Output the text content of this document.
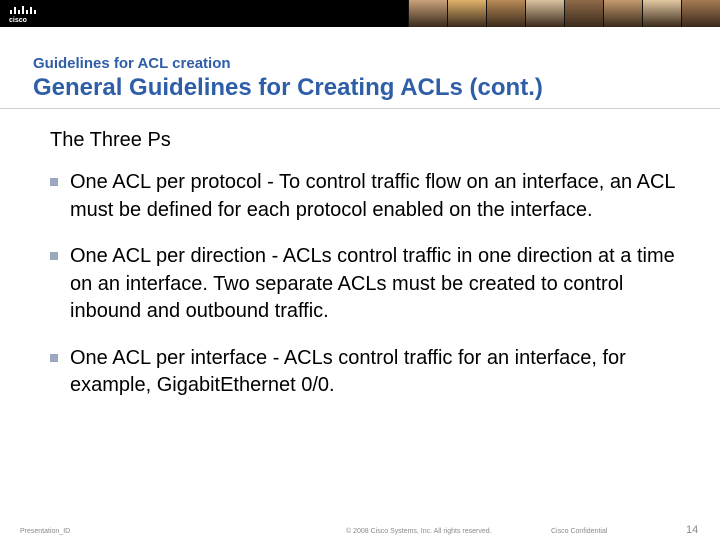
cisco
Guidelines for ACL creation
General Guidelines for Creating ACLs (cont.)
The Three Ps
One ACL per protocol - To control traffic flow on an interface, an ACL must be defined for each protocol enabled on the interface.
One ACL per direction - ACLs control traffic in one direction at a time on an interface. Two separate ACLs must be created to control inbound and outbound traffic.
One ACL per interface - ACLs control traffic for an interface, for example, GigabitEthernet 0/0.
Presentation_ID	© 2008 Cisco Systems, Inc. All rights reserved.	Cisco Confidential	14
